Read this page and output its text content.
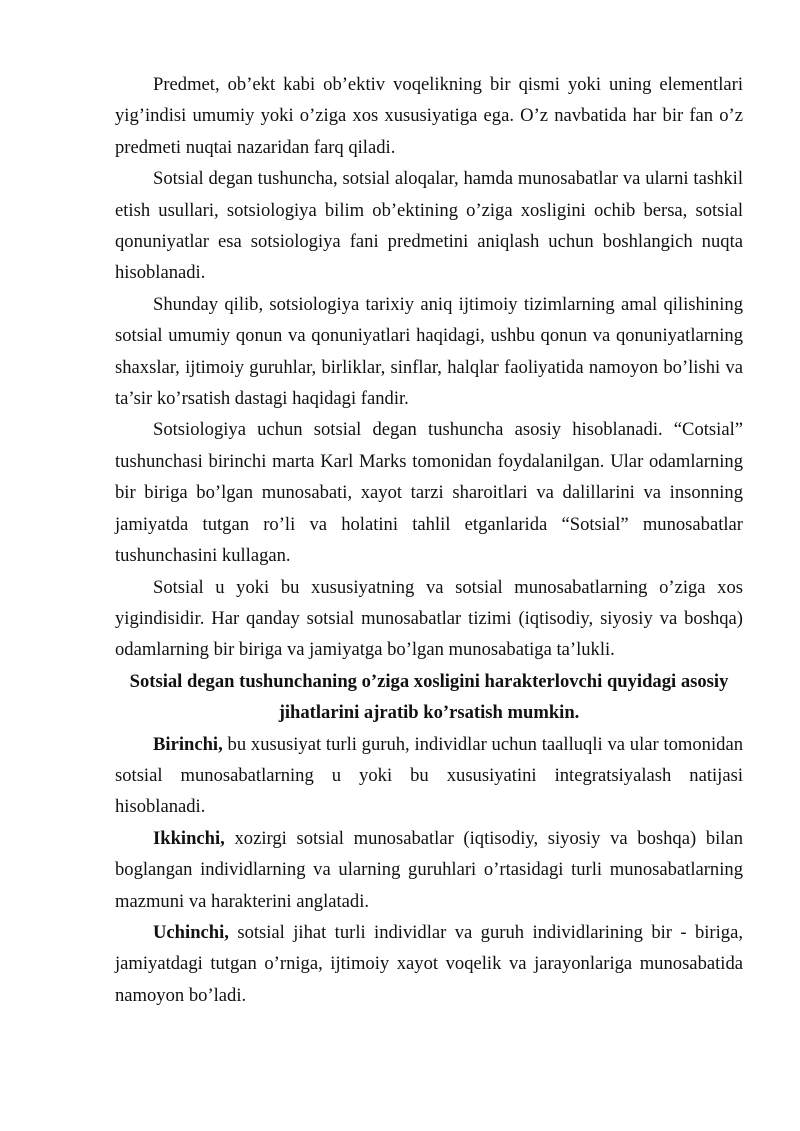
Predmet, ob’ekt kabi ob’ektiv voqelikning bir qismi yoki uning elementlari yig’indisi umumiy yoki o’ziga xos xususiyatiga ega. O’z navbatida har bir fan o’z predmeti nuqtai nazaridan farq qiladi.

Sotsial degan tushuncha, sotsial aloqalar, hamda munosabatlar va ularni tashkil etish usullari, sotsiologiya bilim ob’ektining o’ziga xosligini ochib bersa, sotsial qonuniyatlar esa sotsiologiya fani predmetini aniqlash uchun boshlangich nuqta hisoblanadi.

Shunday qilib, sotsiologiya tarixiy aniq ijtimoiy tizimlarning amal qilishining sotsial umumiy qonun va qonuniyatlari haqidagi, ushbu qonun va qonuniyatlarning shaxslar, ijtimoiy guruhlar, birliklar, sinflar, halqlar faoliyatida namoyon bo’lishi va ta’sir ko’rsatish dastagi haqidagi fandir.

Sotsiologiya uchun sotsial degan tushuncha asosiy hisoblanadi. “Cotsial” tushunchasi birinchi marta Karl Marks tomonidan foydalanilgan. Ular odamlarning bir biriga bo’lgan munosabati, xayot tarzi sharoitlari va dalillarini va insonning jamiyatda tutgan ro’li va holatini tahlil etganlarida “Sotsial” munosabatlar tushunchasini kullagan.

Sotsial u yoki bu xususiyatning va sotsial munosabatlarning o’ziga xos yigindisidir. Har qanday sotsial munosabatlar tizimi (iqtisodiy, siyosiy va boshqa) odamlarning bir biriga va jamiyatga bo’lgan munosabatiga ta’lukli.

Sotsial degan tushunchaning o’ziga xosligini harakterlovchi quyidagi asosiy jihatlarini ajratib ko’rsatish mumkin.

Birinchi, bu xususiyat turli guruh, individlar uchun taalluqli va ular tomonidan sotsial munosabatlarning u yoki bu xususiyatini integratsiyalash natijasi hisoblanadi.

Ikkinchi, xozirgi sotsial munosabatlar (iqtisodiy, siyosiy va boshqa) bilan boglangan individlarning va ularning guruhlari o’rtasidagi turli munosabatlarning mazmuni va harakterini anglatadi.

Uchinchi, sotsial jihat turli individlar va guruh individlarining bir - biriga, jamiyatdagi tutgan o’rniga, ijtimoiy xayot voqelik va jarayonlariga munosabatida namoyon bo’ladi.
